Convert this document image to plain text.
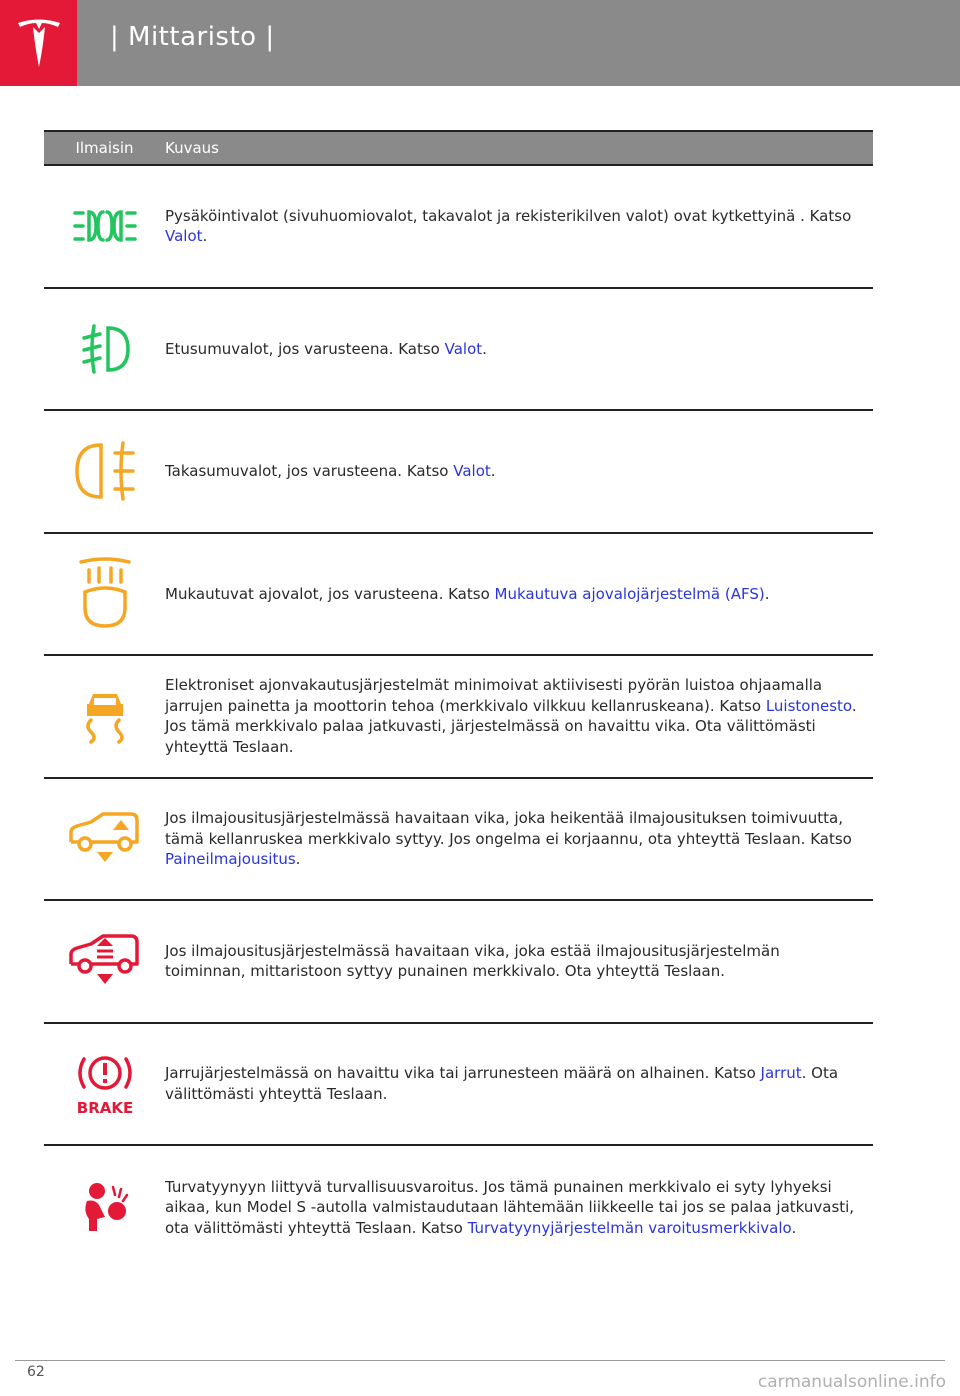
| Mittaristo |
Ilmaisin	Kuvaus
Pysäköintivalot (sivuhuomiovalot, takavalot ja rekisterikilven valot) ovat kytkettyinä . Katso Valot.
Etusumuvalot, jos varusteena. Katso Valot.
Takasumuvalot, jos varusteena. Katso Valot.
Mukautuvat ajovalot, jos varusteena. Katso Mukautuva ajovalojärjestelmä (AFS).
Elektroniset ajonvakautusjärjestelmät minimoivat aktiivisesti pyörän luistoa ohjaamalla jarrujen painetta ja moottorin tehoa (merkkivalo vilkkuu kellanruskeana). Katso Luistonesto. Jos tämä merkkivalo palaa jatkuvasti, järjestelmässä on havaittu vika. Ota välittömästi yhteyttä Teslaan.
Jos ilmajousitusjärjestelmässä havaitaan vika, joka heikentää ilmajousituksen toimivuutta, tämä kellanruskea merkkivalo syttyy. Jos ongelma ei korjaannu, ota yhteyttä Teslaan. Katso Paineilmajousitus.
Jos ilmajousitusjärjestelmässä havaitaan vika, joka estää ilmajousitusjärjestelmän toiminnan, mittaristoon syttyy punainen merkkivalo. Ota yhteyttä Teslaan.
BRAKE
Jarrujärjestelmässä on havaittu vika tai jarrunesteen määrä on alhainen. Katso Jarrut. Ota välittömästi yhteyttä Teslaan.
Turvatyynyyn liittyvä turvallisuusvaroitus. Jos tämä punainen merkkivalo ei syty lyhyeksi aikaa, kun Model S -autolla valmistaudutaan lähtemään liikkeelle tai jos se palaa jatkuvasti, ota välittömästi yhteyttä Teslaan. Katso Turvatyynyjärjestelmän varoitusmerkkivalo.
62	carmanualsonline.info
